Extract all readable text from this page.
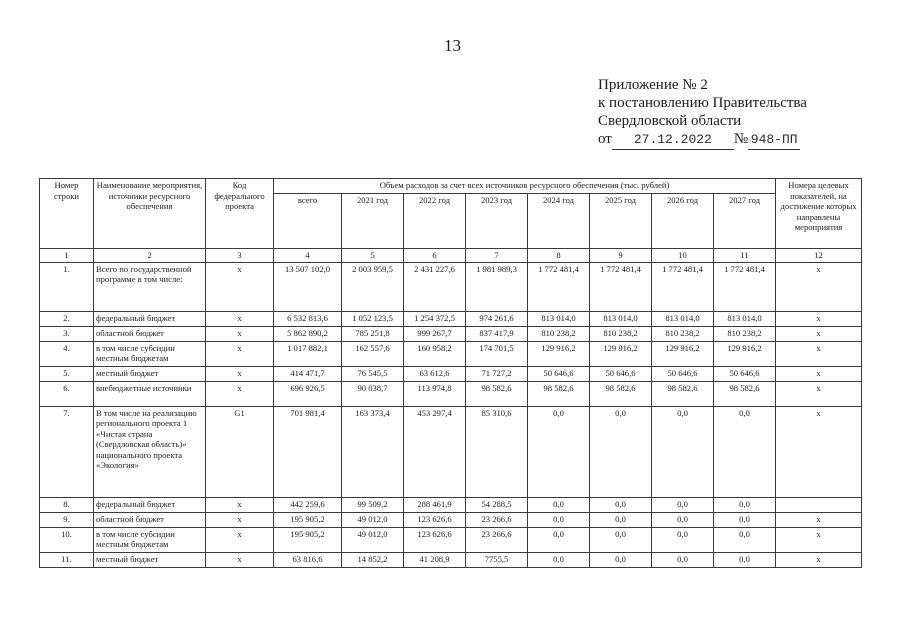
13
Приложение № 2
к постановлению Правительства
Свердловской области
от	27.12.2022	№ 948-ПП
Номер строки	Наименование мероприятия, источники ресурсного обеспечения	Код федерального проекта	Объем расходов за счет всех источников ресурсного обеспечения (тыс. рублей)								Номера целевых показателей, на достижение которых направлены мероприятия
			всего	2021 год	2022 год	2023 год	2024 год	2025 год	2026 год	2027 год	
1	2	3	4	5	6	7	8	9	10	11	12
1.	Всего по государственной программе в том числе:	х	13 507 102,0	2 003 959,5	2 431 227,6	1 981 989,3	1 772 481,4	1 772 481,4	1 772 481,4	1 772 481,4	х
2.	федеральный бюджет	х	6 532 813,6	1 052 123,5	1 254 372,5	974 261,6	813 014,0	813 014,0	813 014,0	813 014,0	х
3.	областной бюджет	х	5 862 890,2	785 251,8	999 267,7	837 417,9	810 238,2	810 238,2	810 238,2	810 238,2	х
4.	в том числе субсидии местным бюджетам	х	1 017 882,1	162 557,6	160 958,2	174 701,5	129 916,2	129 916,2	129 916,2	129 916,2	х
5.	местный бюджет	х	414 471,7	76 545,5	63 612,6	71 727,2	50 646,6	50 646,6	50 646,6	50 646,6	х
6.	внебюджетные источники	х	696 926,5	90 038,7	113 974,8	98 582,6	98 582,6	98 582,6	98 582,6	98 582,6	х
7.	В том числе на реализацию регионального проекта 1 «Чистая страна (Свердловская область)» национального проекта «Экология»	G1	701 981,4	163 373,4	453 297,4	85 310,6	0,0	0,0	0,0	0,0	х
8.	федеральный бюджет	х	442 259,6	99 509,2	288 461,9	54 288,5	0,0	0,0	0,0	0,0	
9.	областной бюджет	х	195 905,2	49 012,0	123 626,6	23 266,6	0,0	0,0	0,0	0,0	х
10.	в том числе субсидии местным бюджетам	х	195 905,2	49 012,0	123 626,6	23 266,6	0,0	0,0	0,0	0,0	х
11.	местный бюджет	х	63 816,6	14 852,2	41 208,9	7755,5	0,0	0,0	0,0	0,0	х
